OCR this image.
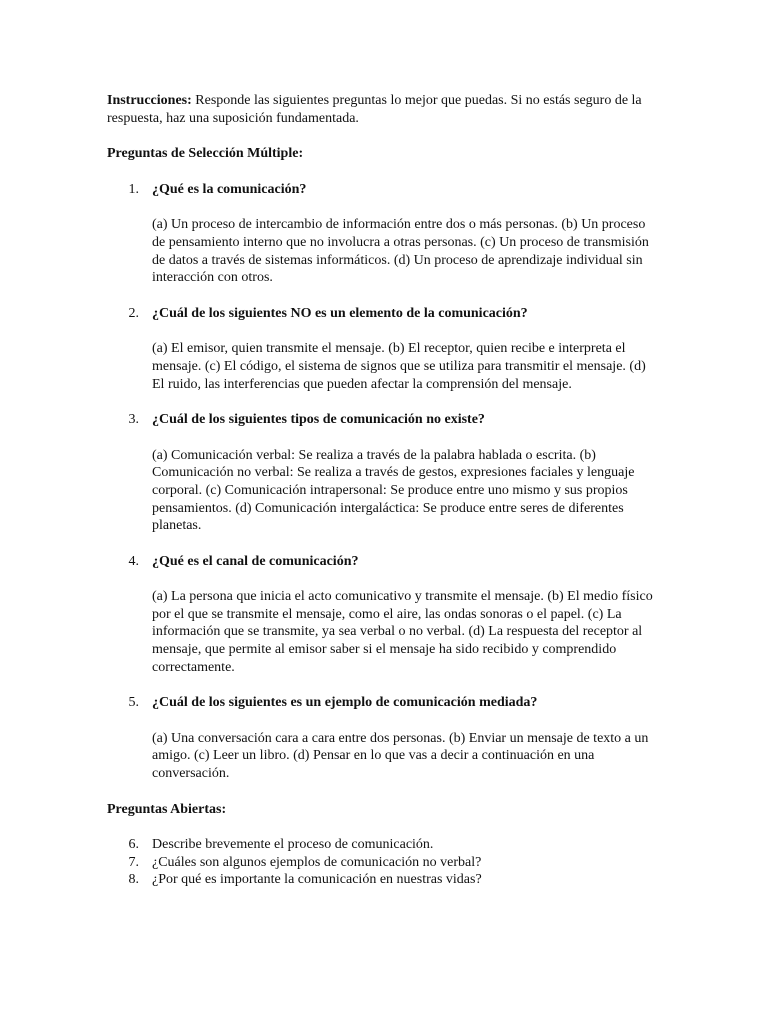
Instrucciones: Responde las siguientes preguntas lo mejor que puedas. Si no estás seguro de la respuesta, haz una suposición fundamentada.

Preguntas de Selección Múltiple:

1. ¿Qué es la comunicación?

(a) Un proceso de intercambio de información entre dos o más personas. (b) Un proceso de pensamiento interno que no involucra a otras personas. (c) Un proceso de transmisión de datos a través de sistemas informáticos. (d) Un proceso de aprendizaje individual sin interacción con otros.

2. ¿Cuál de los siguientes NO es un elemento de la comunicación?

(a) El emisor, quien transmite el mensaje. (b) El receptor, quien recibe e interpreta el mensaje. (c) El código, el sistema de signos que se utiliza para transmitir el mensaje. (d) El ruido, las interferencias que pueden afectar la comprensión del mensaje.

3. ¿Cuál de los siguientes tipos de comunicación no existe?

(a) Comunicación verbal: Se realiza a través de la palabra hablada o escrita. (b) Comunicación no verbal: Se realiza a través de gestos, expresiones faciales y lenguaje corporal. (c) Comunicación intrapersonal: Se produce entre uno mismo y sus propios pensamientos. (d) Comunicación intergaláctica: Se produce entre seres de diferentes planetas.

4. ¿Qué es el canal de comunicación?

(a) La persona que inicia el acto comunicativo y transmite el mensaje. (b) El medio físico por el que se transmite el mensaje, como el aire, las ondas sonoras o el papel. (c) La información que se transmite, ya sea verbal o no verbal. (d) La respuesta del receptor al mensaje, que permite al emisor saber si el mensaje ha sido recibido y comprendido correctamente.

5. ¿Cuál de los siguientes es un ejemplo de comunicación mediada?

(a) Una conversación cara a cara entre dos personas. (b) Enviar un mensaje de texto a un amigo. (c) Leer un libro. (d) Pensar en lo que vas a decir a continuación en una conversación.

Preguntas Abiertas:

6. Describe brevemente el proceso de comunicación.

7. ¿Cuáles son algunos ejemplos de comunicación no verbal?

8. ¿Por qué es importante la comunicación en nuestras vidas?
